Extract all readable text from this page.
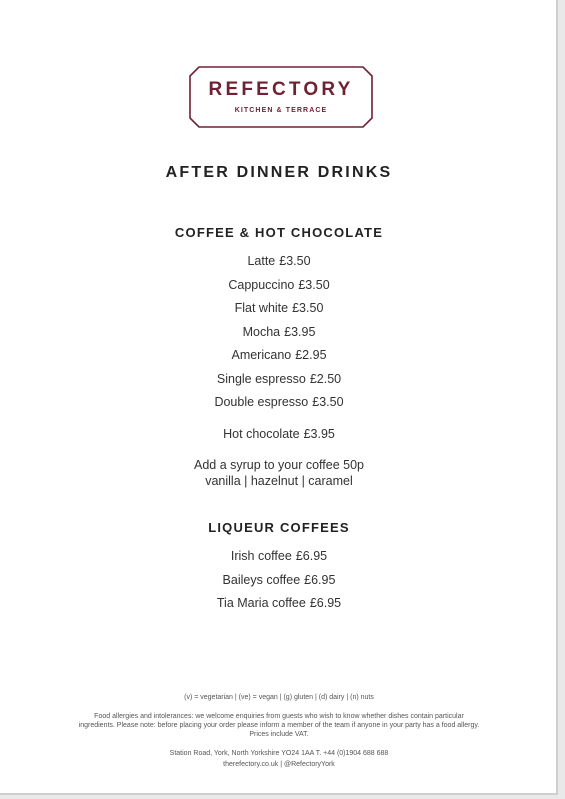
REFECTORY
KITCHEN & TERRACE
AFTER DINNER DRINKS
COFFEE & HOT CHOCOLATE
Latte £3.50
Cappuccino £3.50
Flat white £3.50
Mocha £3.95
Americano £2.95
Single espresso £2.50
Double espresso £3.50
Hot chocolate £3.95
Add a syrup to your coffee 50p
vanilla | hazelnut | caramel
LIQUEUR COFFEES
Irish coffee £6.95
Baileys coffee £6.95
Tia Maria coffee £6.95
(v) = vegetarian | (ve) = vegan | (g) gluten | (d) dairy | (n) nuts
Food allergies and intolerances: we welcome enquiries from guests who wish to know whether dishes contain particular
ingredients. Please note: before placing your order please inform a member of the team if anyone in your party has a food allergy.
Prices include VAT.
Station Road, York, North Yorkshire YO24 1AA T. +44 (0)1904 688 688
therefectory.co.uk | @RefectoryYork
